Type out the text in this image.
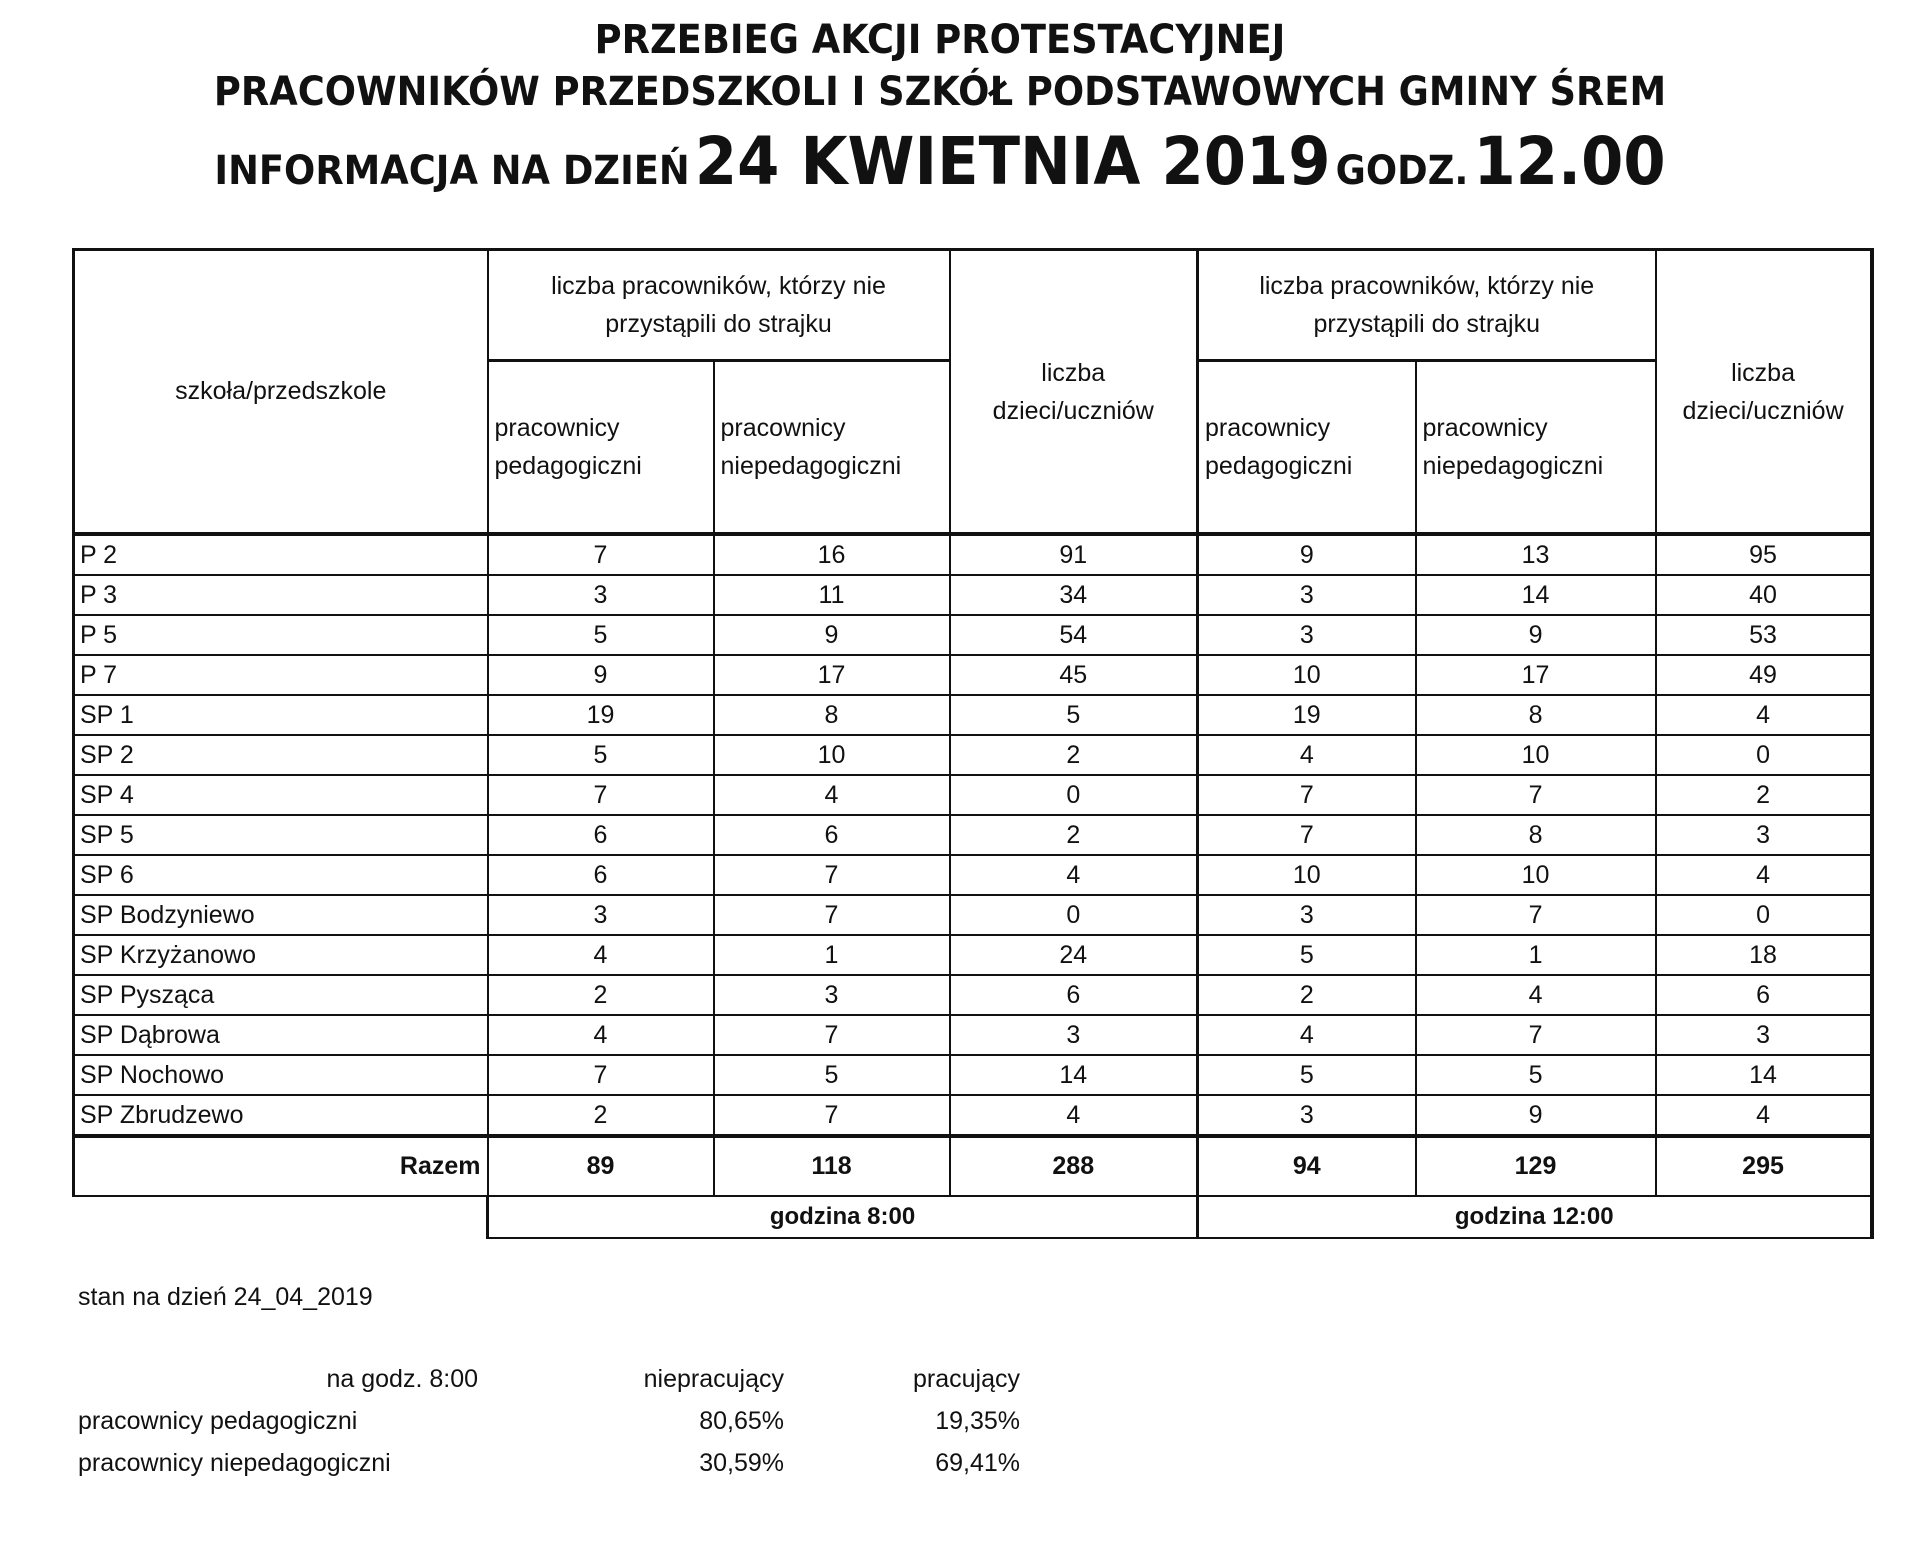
PRZEBIEG AKCJI PROTESTACYJNEJ
PRACOWNIKÓW PRZEDSZKOLI I SZKÓŁ PODSTAWOWYCH GMINY ŚREM
INFORMACJA NA DZIEŃ 24 KWIETNIA 2019 GODZ. 12.00
szkoła/przedszkole	liczba pracowników, którzy nie przystąpili do strajku		liczba dzieci/uczniów	liczba pracowników, którzy nie przystąpili do strajku		liczba dzieci/uczniów

	pracownicy pedagogiczni	pracownicy niepedagogiczni		pracownicy pedagogiczni	pracownicy niepedagogiczni	

P 2	7	16	91	9	13	95
P 3	3	11	34	3	14	40
P 5	5	9	54	3	9	53
P 7	9	17	45	10	17	49
SP 1	19	8	5	19	8	4
SP 2	5	10	2	4	10	0
SP 4	7	4	0	7	7	2
SP 5	6	6	2	7	8	3
SP 6	6	7	4	10	10	4
SP Bodzyniewo	3	7	0	3	7	0
SP Krzyżanowo	4	1	24	5	1	18
SP Pysząca	2	3	6	2	4	6
SP Dąbrowa	4	7	3	4	7	3
SP Nochowo	7	5	14	5	5	14
SP Zbrudzewo	2	7	4	3	9	4
Razem	89	118	288	94	129	295
godzina 8:00	godzina 12:00
stan na dzień 24_04_2019
na godz. 8:00	niepracujący	pracujący
pracownicy pedagogiczni	80,65%	19,35%
pracownicy niepedagogiczni	30,59%	69,41%
